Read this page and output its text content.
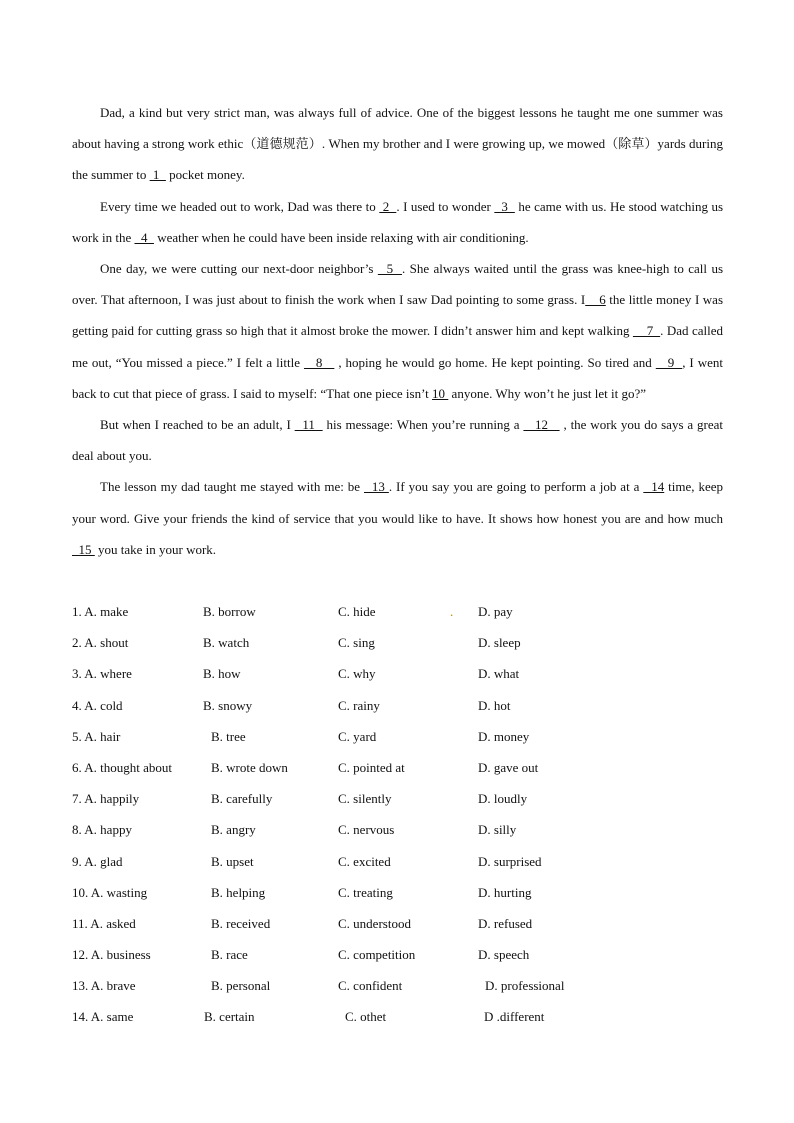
Dad, a kind but very strict man, was always full of advice. One of the biggest lessons he taught me one summer was about having a strong work ethic（道德规范）. When my brother and I were growing up, we mowed（除草）yards during the summer to  1   pocket money.

Every time we headed out to work, Dad was there to  2  . I used to wonder   3   he came with us. He stood watching us work in the   4   weather when he could have been inside relaxing with air conditioning.

One day, we were cutting our next-door neighbor’s   5  . She always waited until the grass was knee-high to call us over. That afternoon, I was just about to finish the work when I saw Dad pointing to some grass. I    6 the little money I was getting paid for cutting grass so high that it almost broke the mower. I didn’t answer him and kept walking     7  . Dad called me out, “You missed a piece.” I felt a little    8    , hoping he would go home. He kept pointing. So tired and    9  , I went back to cut that piece of grass. I said to myself: “That one piece isn’t 10  anyone. Why won’t he just let it go?”

But when I reached to be an adult, I   11   his message: When you’re running a    12    , the work you do says a great deal about you.

The lesson my dad taught me stayed with me: be   13 . If you say you are going to perform a job at a   14 time, keep your word. Give your friends the kind of service that you would like to have. It shows how honest you are and how much   15  you take in your work.

1. A. make	B. borrow	C. hide	. D. pay
2. A. shout	B. watch	C. sing	D. sleep
3. A. where	B. how	C. why	D. what
4. A. cold	B. snowy	C. rainy	D. hot
5. A. hair	B. tree	C. yard	D. money
6. A. thought about	B. wrote down	C. pointed at	D. gave out
7. A. happily	B. carefully	C. silently	D. loudly
8. A. happy	B. angry	C. nervous	D. silly
9. A. glad	B. upset	C. excited	D. surprised
10. A. wasting	B. helping	C. treating	D. hurting
11. A. asked	B. received	C. understood	D. refused
12. A. business	B. race	C. competition	D. speech
13. A. brave	B. personal	C. confident	D. professional
14. A. same	B. certain	C. othet	D .different
